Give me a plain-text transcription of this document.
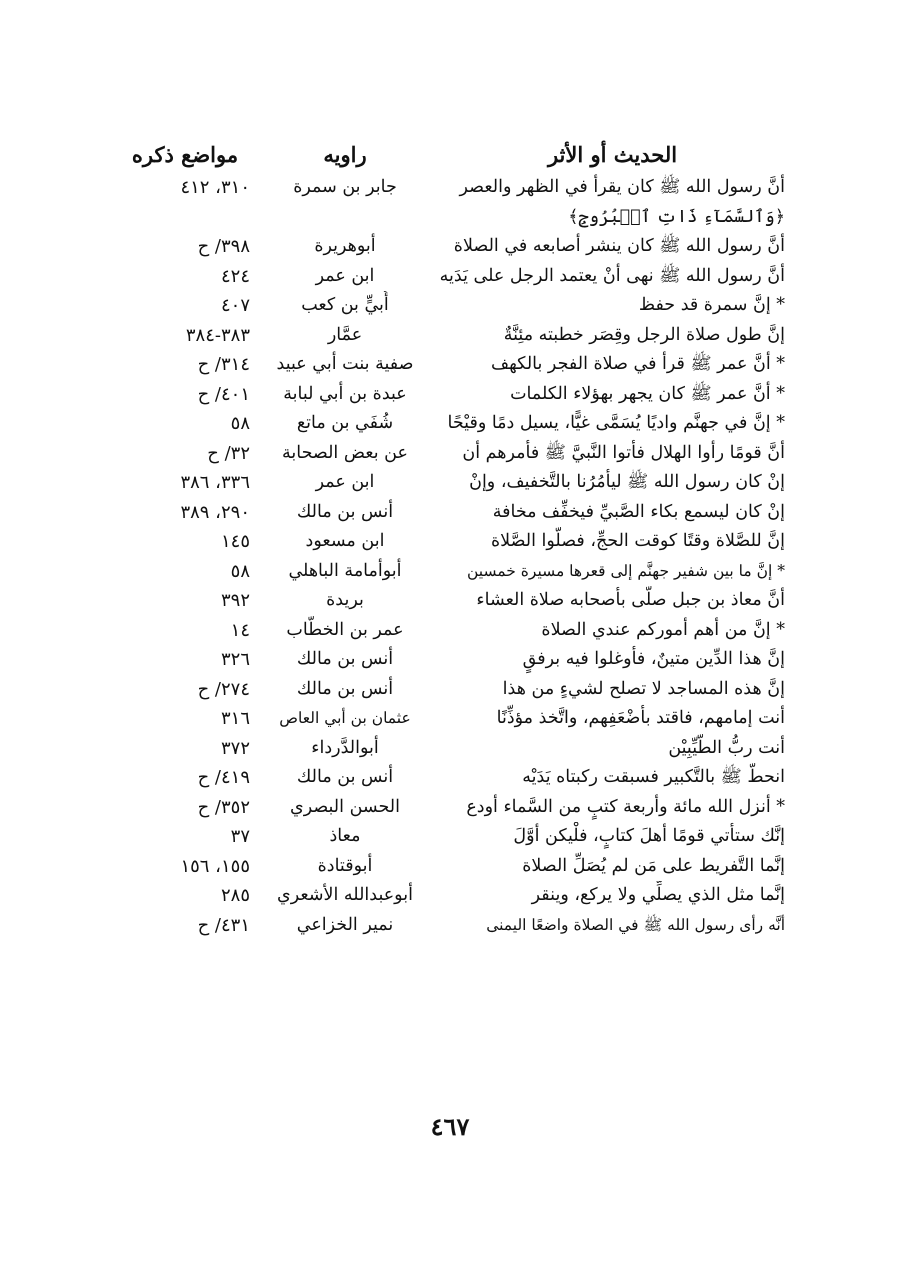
الحديث أو الأثر
راويه
مواضع ذكره
أنَّ رسول الله ﷺ كان يقرأ في الظهر والعصر
جابر بن سمرة
٣١٠، ٤١٢
﴿وَٱلسَّمَآءِ ذَاتِ ٱلۡبُرُوجِ﴾
أنَّ رسول الله ﷺ كان ينشر أصابعه في الصلاة
أبوهريرة
٣٩٨/ ح
أنَّ رسول الله ﷺ نهى أنْ يعتمد الرجل على يَدَيه
ابن عمر
٤٢٤
* إنَّ سمرة قد حفظ
أُبيٍّ بن كعب
٤٠٧
إنَّ طول صلاة الرجل وقِصَر خطبته مئِنَّةٌ
عمَّار
٣٨٣-٣٨٤
* أنَّ عمر ﷺ قرأ في صلاة الفجر بالكهف
صفية بنت أبي عبيد
٣١٤/ ح
* أنَّ عمر ﷺ كان يجهر بهؤلاء الكلمات
عبدة بن أبي لبابة
٤٠١/ ح
* إنَّ في جهنَّم واديًا يُسَمَّى غيًّا، يسيل دمًا وقيْحًا
شُفَي بن ماتع
٥٨
أنَّ قومًا رأوا الهلال فأتوا النَّبيَّ ﷺ فأمرهم أن
عن بعض الصحابة
٣٢/ ح
إنْ كان رسول الله ﷺ ليأمُرُنا بالتَّخفيف، وإنْ
ابن عمر
٣٣٦، ٣٨٦
إنْ كان ليسمع بكاء الصَّبيِّ فيخفِّف مخافة
أنس بن مالك
٢٩٠، ٣٨٩
إنَّ للصَّلاة وقتًا كوقت الحجِّ، فصلُّوا الصَّلاة
ابن مسعود
١٤٥
* إنَّ ما بين شفير جهنَّم إلى قعرها مسيرة خمسين
أبوأمامة الباهلي
٥٨
أنَّ معاذ بن جبل صلَّى بأصحابه صلاة العشاء
بريدة
٣٩٢
* إنَّ من أهم أموركم عندي الصلاة
عمر بن الخطَّاب
١٤
إنَّ هذا الدِّين متينٌ، فأوغلوا فيه برفقٍ
أنس بن مالك
٣٢٦
إنَّ هذه المساجد لا تصلح لشيءٍ من هذا
أنس بن مالك
٢٧٤/ ح
أنت إمامهم، فاقتد بأضْعَفِهم، واتَّخذ مؤذِّنًا
عثمان بن أبي العاص
٣١٦
أنت ربُّ الطَّيِّبِيْن
أبوالدَّرداء
٣٧٢
انحطَّ ﷺ بالتَّكبير فسبقت ركبتاه يَدَيْه
أنس بن مالك
٤١٩/ ح
* أنزل الله مائة وأربعة كتبٍ من السَّماء أودع
الحسن البصري
٣٥٢/ ح
إنَّك ستأتي قومًا أهلَ كتابٍ، فلْيكن أوَّلَ
معاذ
٣٧
إنَّما التَّفريط على مَن لم يُصَلِّ الصلاة
أبوقتادة
١٥٥، ١٥٦
إنَّما مثل الذي يصلِّي ولا يركع، وينقر
أبوعبدالله الأشعري
٢٨٥
أنَّه رأى رسول الله ﷺ في الصلاة واضعًا اليمنى
نمير الخزاعي
٤٣١/ ح
٤٦٧
